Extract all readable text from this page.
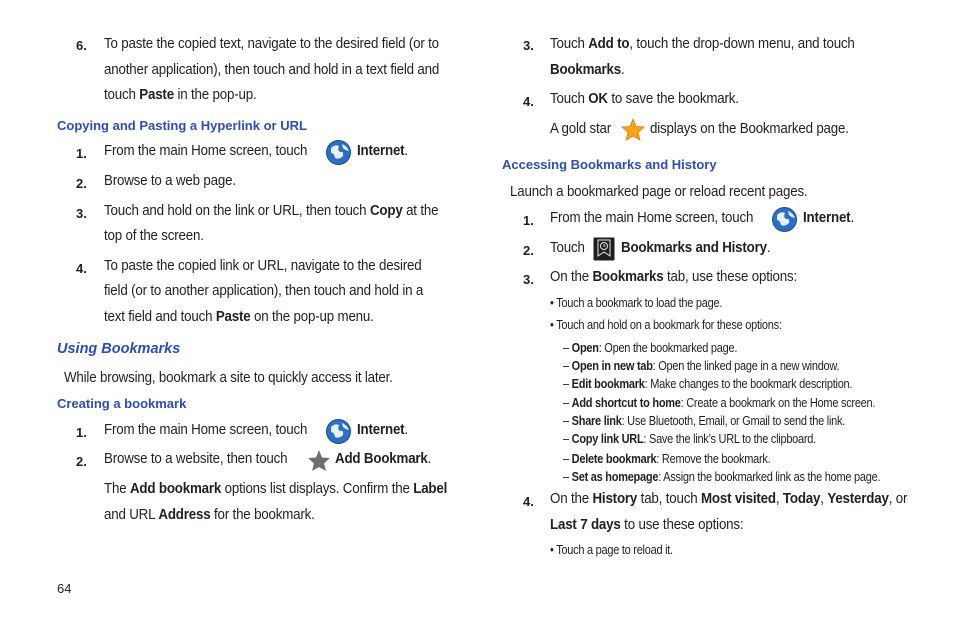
6. To paste the copied text, navigate to the desired field (or to
another application), then touch and hold in a text field and
touch Paste in the pop-up.
Copying and Pasting a Hyperlink or URL
1. From the main Home screen, touch	Internet.
2. Browse to a web page.
3. Touch and hold on the link or URL, then touch Copy at the
top of the screen.
4. To paste the copied link or URL, navigate to the desired
field (or to another application), then touch and hold in a
text field and touch Paste on the pop-up menu.
Using Bookmarks
While browsing, bookmark a site to quickly access it later.
Creating a bookmark
1. From the main Home screen, touch	Internet.
2. Browse to a website, then touch	Add Bookmark.
The Add bookmark options list displays. Confirm the Label
and URL Address for the bookmark.
64
3. Touch Add to, touch the drop-down menu, and touch
Bookmarks.
4. Touch OK to save the bookmark.
A gold star	displays on the Bookmarked page.
Accessing Bookmarks and History
Launch a bookmarked page or reload recent pages.
1. From the main Home screen, touch	Internet.
2. Touch	Bookmarks and History.
3. On the Bookmarks tab, use these options:
• Touch a bookmark to load the page.
• Touch and hold on a bookmark for these options:
– Open: Open the bookmarked page.
– Open in new tab: Open the linked page in a new window.
– Edit bookmark: Make changes to the bookmark description.
– Add shortcut to home: Create a bookmark on the Home screen.
– Share link: Use Bluetooth, Email, or Gmail to send the link.
– Copy link URL: Save the link’s URL to the clipboard.
– Delete bookmark: Remove the bookmark.
– Set as homepage: Assign the bookmarked link as the home page.
4. On the History tab, touch Most visited, Today, Yesterday, or
Last 7 days to use these options:
• Touch a page to reload it.
